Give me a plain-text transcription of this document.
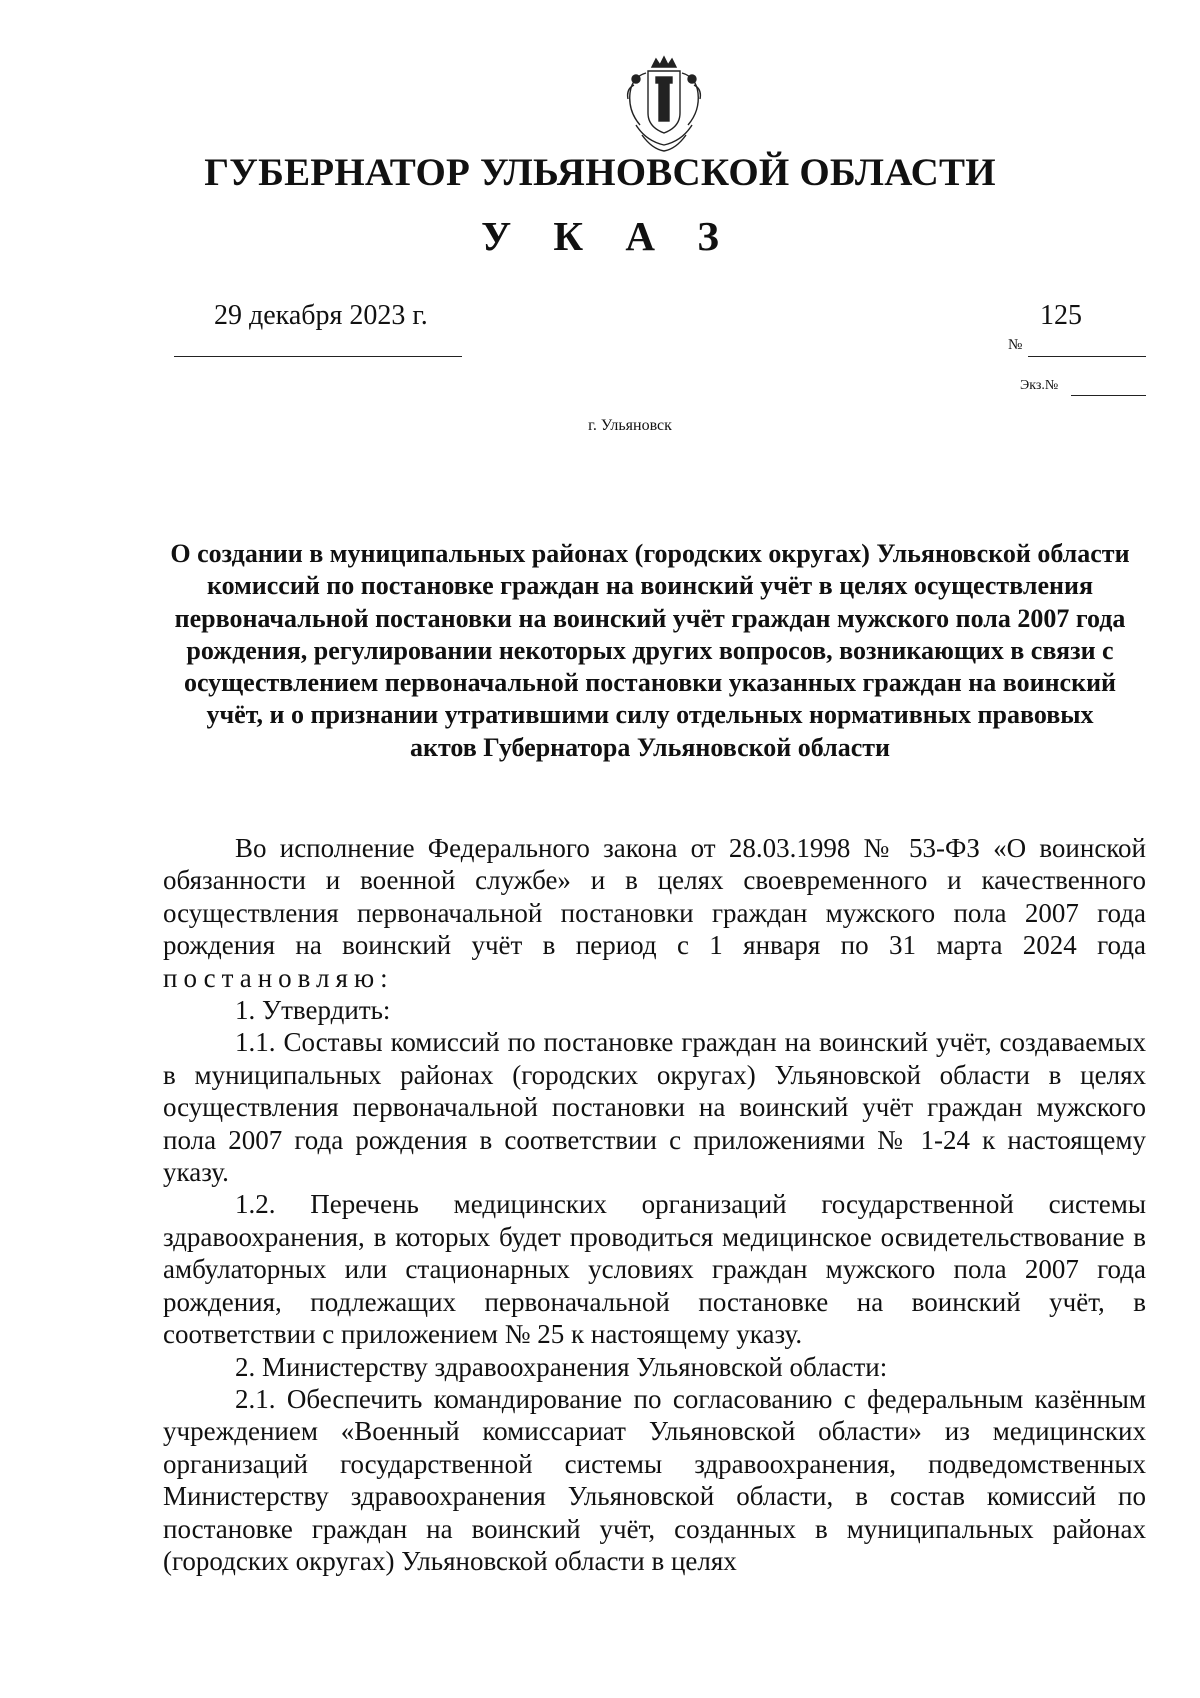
ГУБЕРНАТОР УЛЬЯНОВСКОЙ ОБЛАСТИ
У К А З
29 декабря 2023 г.	125
№
Экз.№
г. Ульяновск
О создании в муниципальных районах (городских округах) Ульяновской области комиссий по постановке граждан на воинский учёт в целях осуществления первоначальной постановки на воинский учёт граждан мужского пола 2007 года рождения, регулировании некоторых других вопросов, возникающих в связи с осуществлением первоначальной постановки указанных граждан на воинский учёт, и о признании утратившими силу отдельных нормативных правовых актов Губернатора Ульяновской области

Во исполнение Федерального закона от 28.03.1998 № 53-ФЗ «О воинской обязанности и военной службе» и в целях своевременного и качественного осуществления первоначальной постановки граждан мужского пола 2007 года рождения на воинский учёт в период с 1 января по 31 марта 2024 года постановляю:

1. Утвердить:

1.1. Составы комиссий по постановке граждан на воинский учёт, создаваемых в муниципальных районах (городских округах) Ульяновской области в целях осуществления первоначальной постановки на воинский учёт граждан мужского пола 2007 года рождения в соответствии с приложениями № 1-24 к настоящему указу.

1.2. Перечень медицинских организаций государственной системы здравоохранения, в которых будет проводиться медицинское освидетельствование в амбулаторных или стационарных условиях граждан мужского пола 2007 года рождения, подлежащих первоначальной постановке на воинский учёт, в соответствии с приложением № 25 к настоящему указу.

2. Министерству здравоохранения Ульяновской области:

2.1. Обеспечить командирование по согласованию с федеральным казённым учреждением «Военный комиссариат Ульяновской области» из медицинских организаций государственной системы здравоохранения, подведомственных Министерству здравоохранения Ульяновской области, в состав комиссий по постановке граждан на воинский учёт, созданных в муниципальных районах (городских округах) Ульяновской области в целях
